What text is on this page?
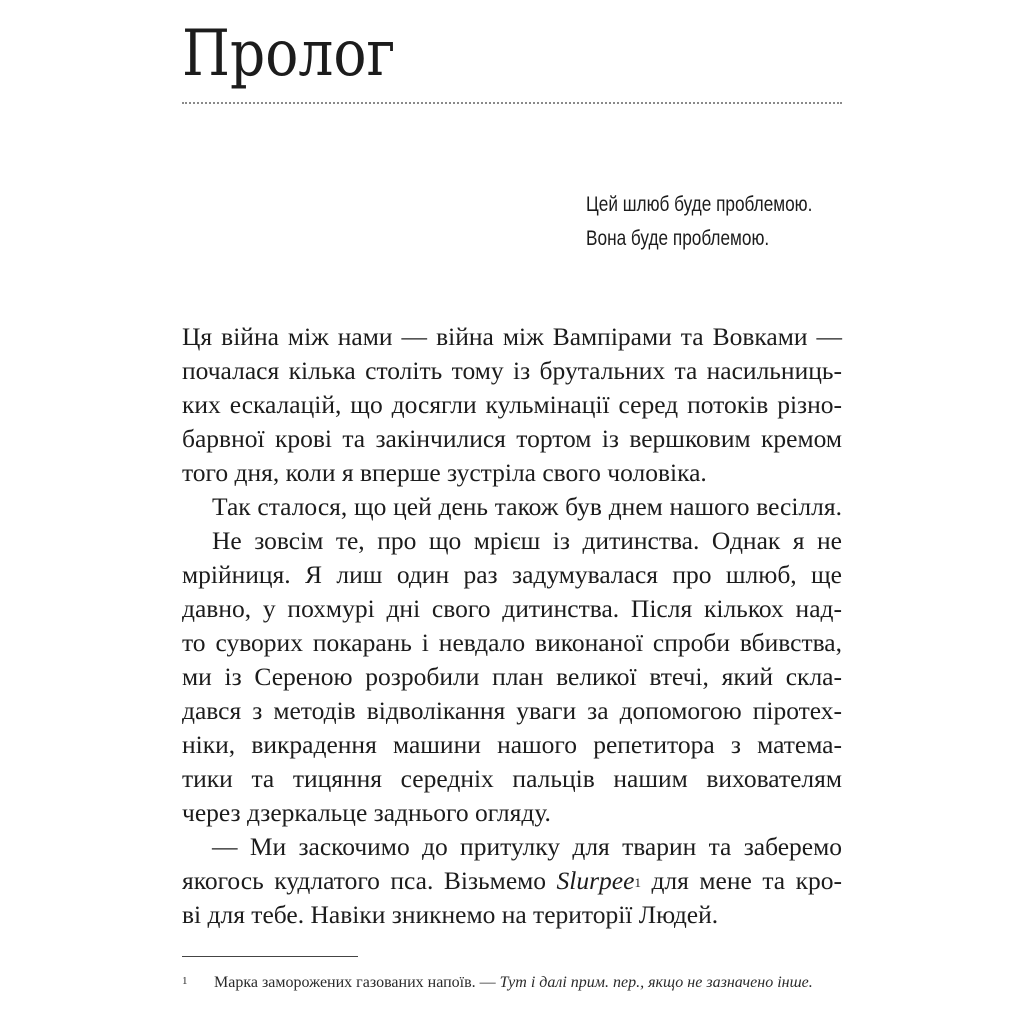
Пролог
Цей шлюб буде проблемою.
Вона буде проблемою.
Ця війна між нами — війна між Вампірами та Вовками —
почалася кілька століть тому із брутальних та насильниць-
ких ескалацій, що досягли кульмінації серед потоків різно-
барвної крові та закінчилися тортом із вершковим кремом
того дня, коли я вперше зустріла свого чоловіка.
Так сталося, що цей день також був днем нашого весілля.
Не зовсім те, про що мрієш із дитинства. Однак я не
мрійниця. Я лиш один раз задумувалася про шлюб, ще
давно, у похмурі дні свого дитинства. Після кількох над-
то суворих покарань і невдало виконаної спроби вбивства,
ми із Сереною розробили план великої втечі, який скла-
дався з методів відволікання уваги за допомогою піротех-
ніки, викрадення машини нашого репетитора з матема-
тики та тицяння середніх пальців нашим вихователям
через дзеркальце заднього огляду.
— Ми заскочимо до притулку для тварин та заберемо
якогось кудлатого пса. Візьмемо Slurpee$^1$ для мене та кро-
ві для тебе. Навіки зникнемо на території Людей.
1 Марка заморожених газованих напоїв. — Тут і далі прим. пер., якщо не зазначено інше.
